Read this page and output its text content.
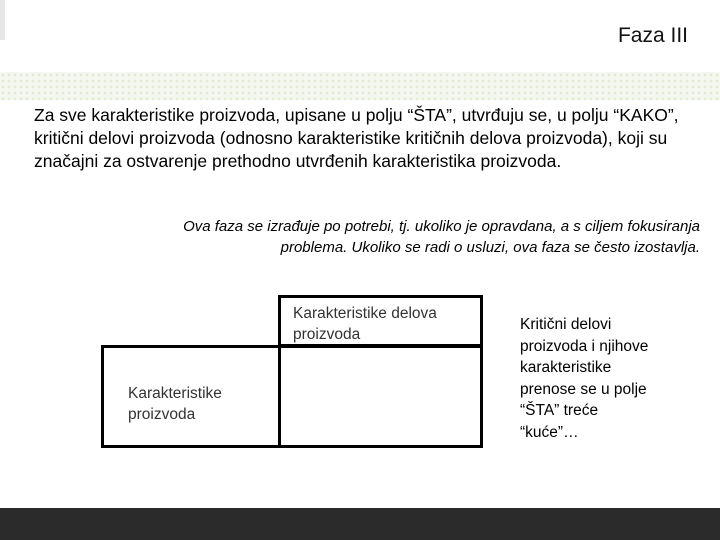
Faza III

Za sve karakteristike proizvoda, upisane u polju “ŠTA”, utvrđuju se, u polju “KAKO”, kritični delovi proizvoda (odnosno karakteristike kritičnih delova proizvoda), koji su značajni za ostvarenje prethodno utvrđenih karakteristika proizvoda.

Ova faza se izrađuje po potrebi, tj. ukoliko je opravdana, a s ciljem fokusiranja
problema. Ukoliko se radi o usluzi, ova faza se često izostavlja.

Karakteristike delova
proizvoda
Karakteristike
proizvoda
Kritični delovi
proizvoda i njihove
karakteristike
prenose se u polje
“ŠTA” treće
“kuće”…
